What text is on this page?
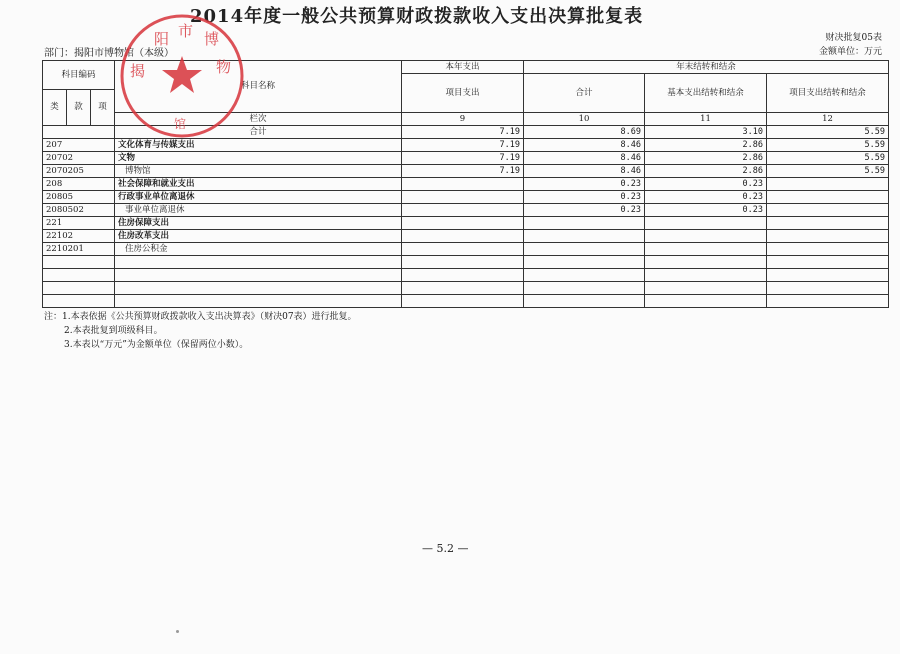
2014年度一般公共预算财政拨款收入支出决算批复表
财决批复05表
部门：揭阳市博物馆（本级）	金额单位：万元
科目编码			科目名称	本年支出	年末结转和结余		
				项目支出	合计	基本支出结转和结余	项目支出结转和结余

类	款	项					
			栏次	9	10	11	12
			合计	7.19	8.69	3.10	5.59
207			文化体育与传媒支出	7.19	8.46	2.86	5.59
20702			文物	7.19	8.46	2.86	5.59
2070205			博物馆	7.19	8.46	2.86	5.59
208			社会保障和就业支出		0.23	0.23	
20805			行政事业单位离退休		0.23	0.23	
2080502			事业单位离退休		0.23	0.23	
221			住房保障支出				
22102			住房改革支出				
2210201			住房公积金				

阳 市 博
揭	物
馆
注：1.本表依据《公共预算财政拨款收入支出决算表》（财决07表）进行批复。
2.本表批复到项级科目。
3.本表以“万元”为金额单位（保留两位小数）。
— 5.2 —
